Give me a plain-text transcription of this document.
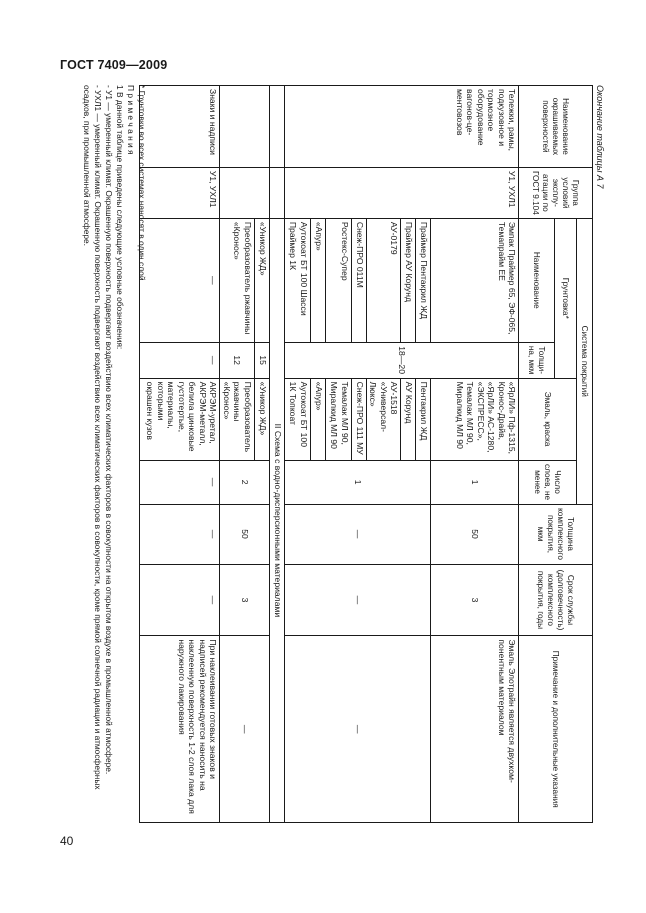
ГОСТ 7409—2009
40
Окончание таблицы А 7
Наименование окрашиваемых поверхностей	Группа условий эксплуатации по ГОСТ 9.104	Система покрытий				Толщина комплексного покрытия, мкм	Срок службы (долговечность) комплексного покрытия, годы	Примечание и дополнительные указания
		Грунтовка*		Эмаль, краска	Число слоев, не менее			
		Наименование	Толщина, мкм					
Тележки, рамы, подкузовное и тормозное оборудование вагонов-цементовозов	У1, УХЛ1	Эмпак Праймер 65, ЭФ-065, Темапрайм ЕЕ	18—20	«ЯрЛИ» Пф-1315, Кронос-Драйв, «ЯрЛИ» АС-1280, «ЭКСПРЕСС», Темалак МЛ 90, Миралкид МЛ 90	1	50	3	Эмаль Элотрайн является двухкомпонентным материалом
		Праймер Пентакрил ЖД		Пентакрил ЖД	1	—	—	—
		Праймер АУ Корунд		АУ Корунд				
		АУ-0179		АУ-1518 «Универсал-Люкс»				
		Снеж-ПРО 011М		Снеж-ПРО 111 МУ				
		Ростекс-Супер		Темалак МЛ 90, Миралкид МЛ 90				
		«Апур»		«Апур»				
		Аутокоат БТ 100 Шасси Праймер 1К		Аутокоат БТ 100 1К Топкоат				
		II Схема с водно-дисперсионными материалами						
		«Уникор ЖД»	15	«Уникор ЖД»	2	50	3	—
		Преобразователь ржавчины «Кронос»	12	Преобразователь ржавчины «Кронос»				
Знаки и надписи	У1, УХЛ1	—	—	АКРЭМ-уретал, АКРЭМ-металл, белила цинковые густотертые, материалы, которыми окрашен кузов	—	—	—	При наклеивании готовых знаков и надписей рекомендуется наносить на наклеенную поверхность 1-2 слоя лака для наружного лакирования
* Грунтовки во всех системах наносят в один слой.
П р и м е ч а н и я
1 В данной таблице приведены следующие условные обозначения:
- У1 — умеренный климат. Окрашенную поверхность подвергают воздействию всех климатических факторов в совокупности на открытом воздухе в промышленной атмосфере.
- УХЛ1 — умеренный климат. Окрашенную поверхность подвергают воздействию всех климатических факторов в совокупности, кроме прямой солнечной радиации и атмосферных осадков, при промышленной атмосфере.
